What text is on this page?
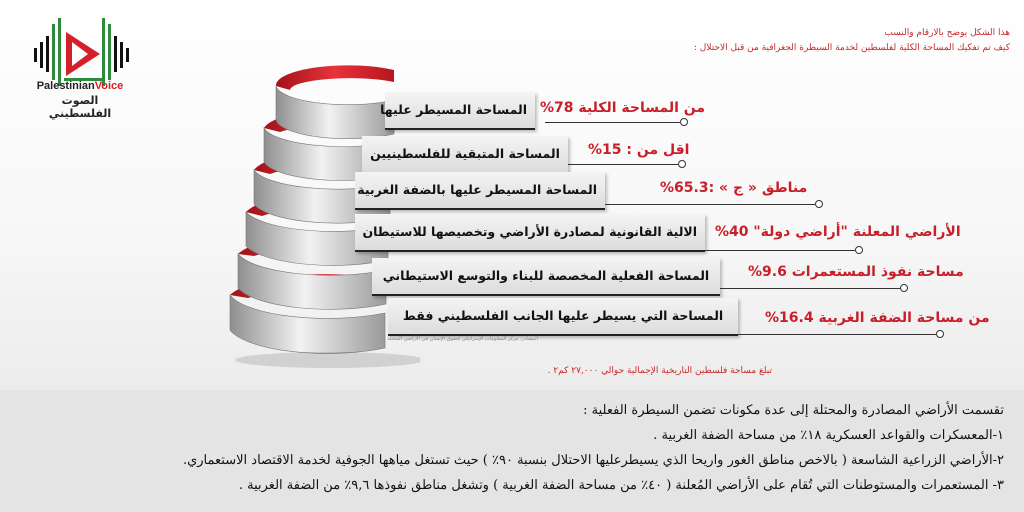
PalestinianVoice
الصوت الفلسطيني
هذا الشكل يوضح بالارقام والنسب
كيف تم تفكيك المساحة الكلية لفلسطين لخدمة السيطرة الجغرافية من قبل الاحتلال :
المساحة المسيطر عليها من المساحة الكلية 78%
المساحة المتبقية للفلسطينيين	اقل من : 15%
المساحة المسيطر عليها بالضفة الغربية	مناطق « ج » :65.3%
الالية القانونية لمصادرة الأراضي وتخصيصها للاستيطان	الأراضي المعلنة "أراضي دولة" 40%
المساحة الفعلية المخصصة للبناء والتوسع الاستيطاني	مساحة نفوذ المستعمرات 9.6%
المساحة التي يسيطر عليها الجانب الفلسطيني فقط	من مساحة الضفة الغربية 16.4%
المصادر: مركز المعلومات الإسرائيلي لحقوق الإنسان في الأراضي المحتلة
تبلغ مساحة فلسطين التاريخية الإجمالية حوالي ٢٧,٠٠٠ كم٢ .

تقسمت الأراضي المصادرة والمحتلة إلى عدة مكونات تضمن السيطرة الفعلية :

١-المعسكرات والقواعد العسكرية ١٨٪ من مساحة الضفة الغربية .

٢-الأراضي الزراعية الشاسعة ( بالاخص مناطق الغور واريحا الذي يسيطرعليها الاحتلال بنسبة ٩٠٪ ) حيث تستغل مياهها الجوفية لخدمة الاقتصاد الاستعماري.

٣- المستعمرات والمستوطنات التي تُقام على الأراضي المُعلنة ( ٤٠٪ من مساحة الضفة الغربية ) وتشغل مناطق نفوذها ٩,٦٪ من الضفة الغربية .
